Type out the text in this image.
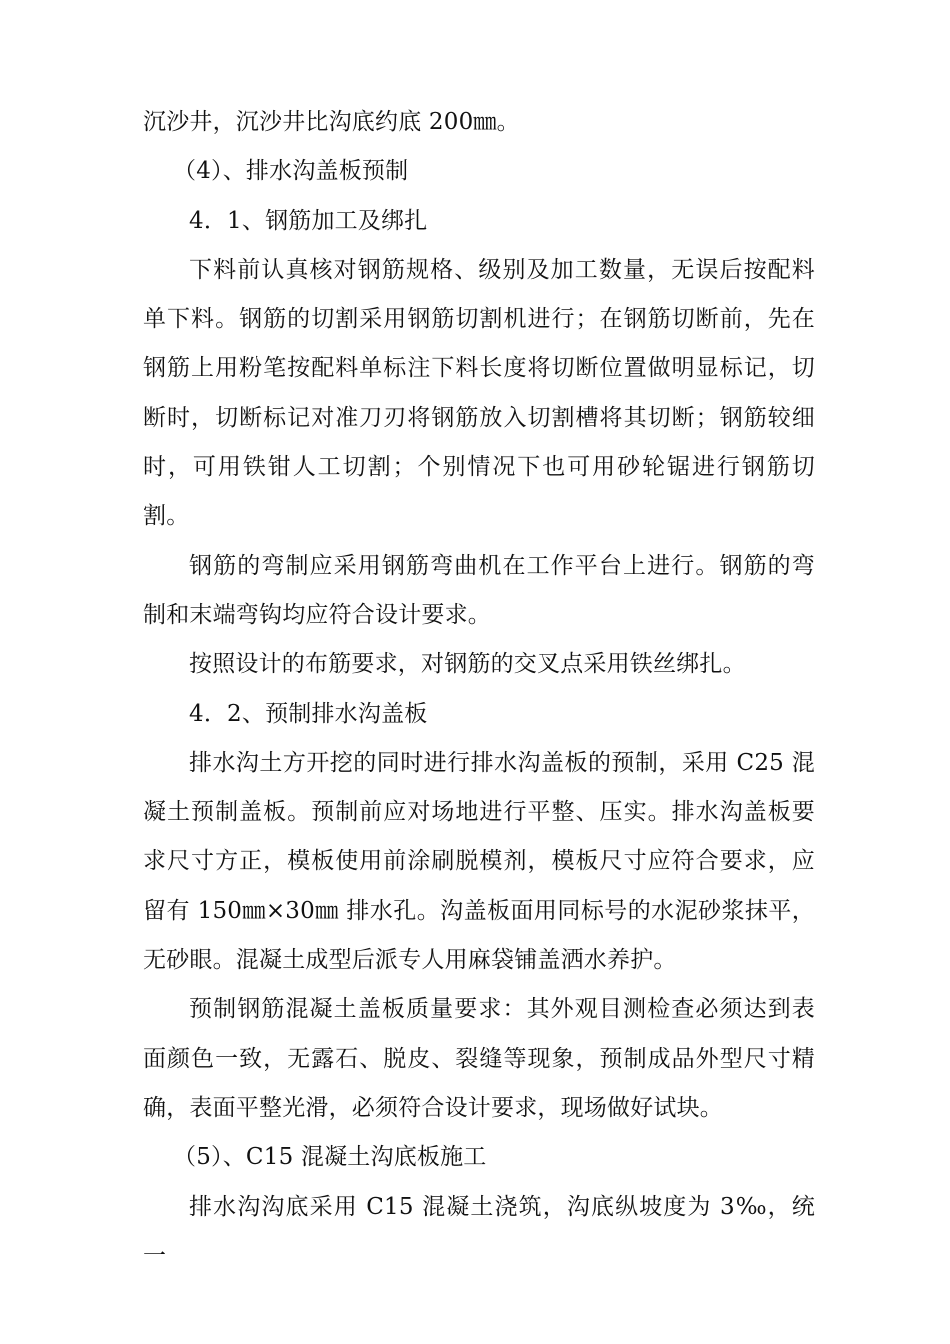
沉沙井，沉沙井比沟底约底 200㎜。

（4）、排水沟盖板预制

4．1、钢筋加工及绑扎

下料前认真核对钢筋规格、级别及加工数量，无误后按配料单下料。钢筋的切割采用钢筋切割机进行；在钢筋切断前，先在钢筋上用粉笔按配料单标注下料长度将切断位置做明显标记，切断时，切断标记对准刀刃将钢筋放入切割槽将其切断；钢筋较细时，可用铁钳人工切割；个别情况下也可用砂轮锯进行钢筋切割。

钢筋的弯制应采用钢筋弯曲机在工作平台上进行。钢筋的弯制和末端弯钩均应符合设计要求。

按照设计的布筋要求，对钢筋的交叉点采用铁丝绑扎。

4．2、预制排水沟盖板

排水沟土方开挖的同时进行排水沟盖板的预制，采用 C25 混凝土预制盖板。预制前应对场地进行平整、压实。排水沟盖板要求尺寸方正，模板使用前涂刷脱模剂，模板尺寸应符合要求，应留有 150㎜×30㎜ 排水孔。沟盖板面用同标号的水泥砂浆抹平，无砂眼。混凝土成型后派专人用麻袋铺盖洒水养护。

预制钢筋混凝土盖板质量要求：其外观目测检查必须达到表面颜色一致，无露石、脱皮、裂缝等现象，预制成品外型尺寸精确，表面平整光滑，必须符合设计要求，现场做好试块。

（5）、C15 混凝土沟底板施工

排水沟沟底采用 C15 混凝土浇筑，沟底纵坡度为 3‰，统一
